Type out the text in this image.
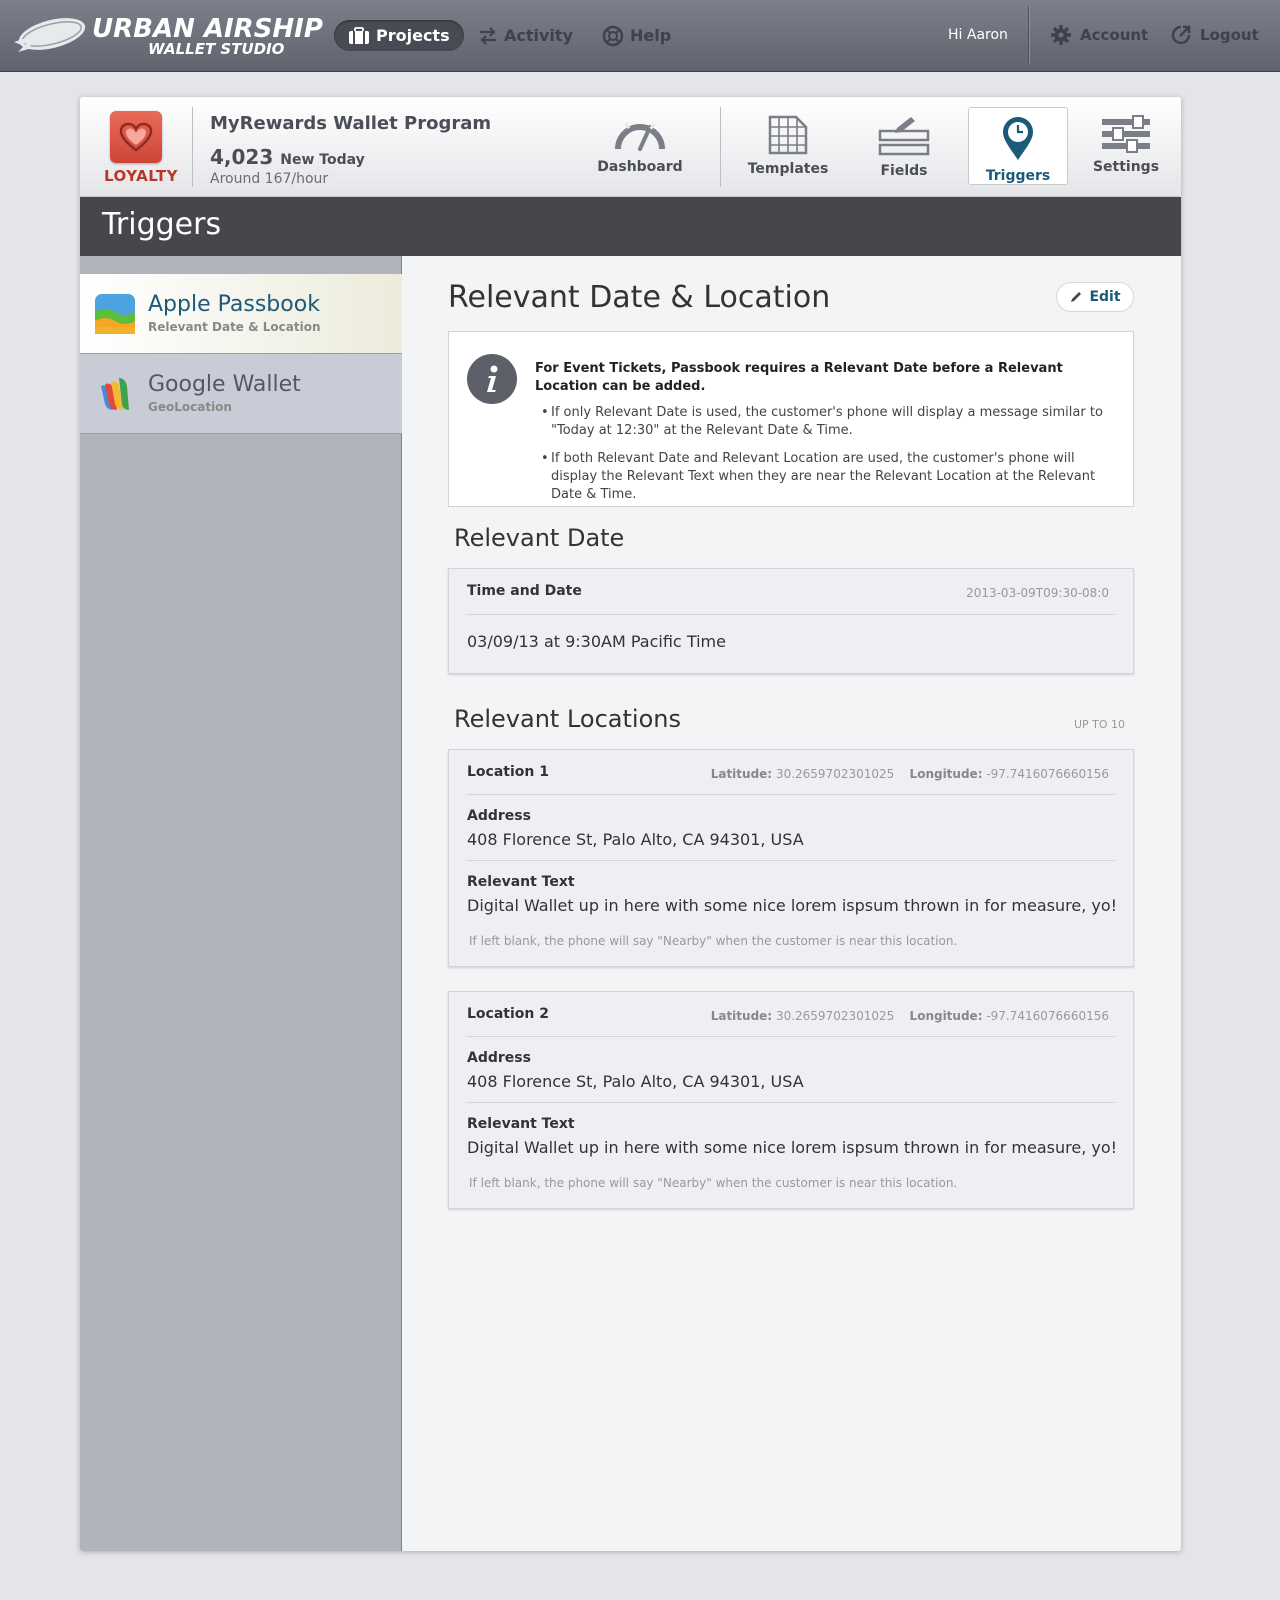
URBAN AIRSHIP
WALLET STUDIO
Projects	Activity	Help	Hi Aaron	Account	Logout
LOYALTY
MyRewards Wallet Program
4,023 New Today
Around 167/hour
Dashboard	Templates	Fields	Triggers
Settings
Triggers
Apple Passbook
Relevant Date & Location
Google Wallet
GeoLocation
Relevant Date & Location	Edit
For Event Tickets, Passbook requires a Relevant Date before a Relevant Location can be added.
• If only Relevant Date is used, the customer's phone will display a message similar to "Today at 12:30" at the Relevant Date & Time.
• If both Relevant Date and Relevant Location are used, the customer's phone will display the Relevant Text when they are near the Relevant Location at the Relevant Date & Time.
Relevant Date
Time and Date	2013-03-09T09:30-08:0
03/09/13 at 9:30AM Pacific Time
Relevant Locations	UP TO 10
Location 1	Latitude: 30.2659702301025 Longitude: -97.7416076660156
Address
408 Florence St, Palo Alto, CA 94301, USA
Relevant Text
Digital Wallet up in here with some nice lorem ispsum thrown in for measure, yo!
If left blank, the phone will say "Nearby" when the customer is near this location.
Location 2	Latitude: 30.2659702301025 Longitude: -97.7416076660156
Address
408 Florence St, Palo Alto, CA 94301, USA
Relevant Text
Digital Wallet up in here with some nice lorem ispsum thrown in for measure, yo!
If left blank, the phone will say "Nearby" when the customer is near this location.
